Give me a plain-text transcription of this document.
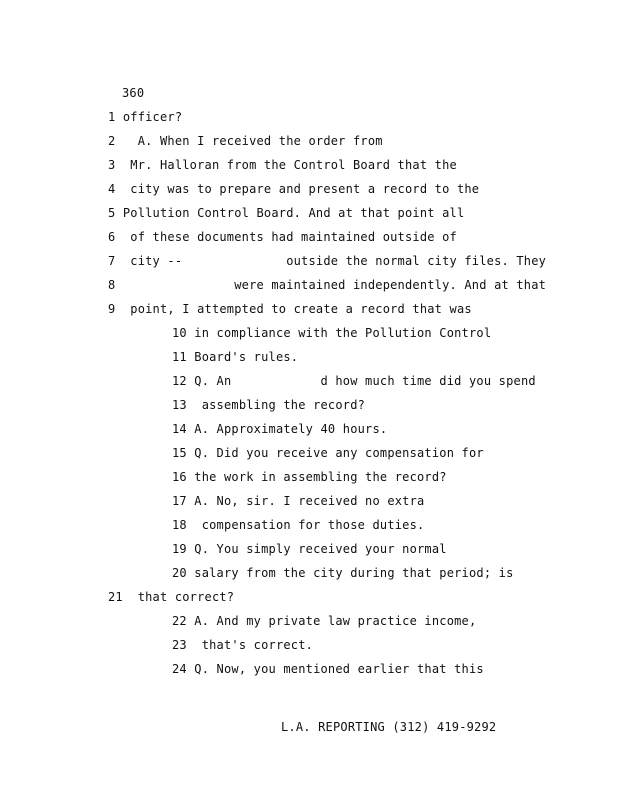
360
1 officer?
2   A. When I received the order from
3  Mr. Halloran from the Control Board that the
4  city was to prepare and present a record to the
5 Pollution Control Board. And at that point all
6  of these documents had maintained outside of
7  city --              outside the normal city files. They
8                were maintained independently. And at that
9  point, I attempted to create a record that was
10 in compliance with the Pollution Control
11 Board's rules.
12 Q. An            d how much time did you spend
13  assembling the record?
14 A. Approximately 40 hours.
15 Q. Did you receive any compensation for
16 the work in assembling the record?
17 A. No, sir. I received no extra
18  compensation for those duties.
19 Q. You simply received your normal
20 salary from the city during that period; is
21  that correct?
22 A. And my private law practice income,
23  that's correct.
24 Q. Now, you mentioned earlier that this
L.A. REPORTING (312) 419-9292
